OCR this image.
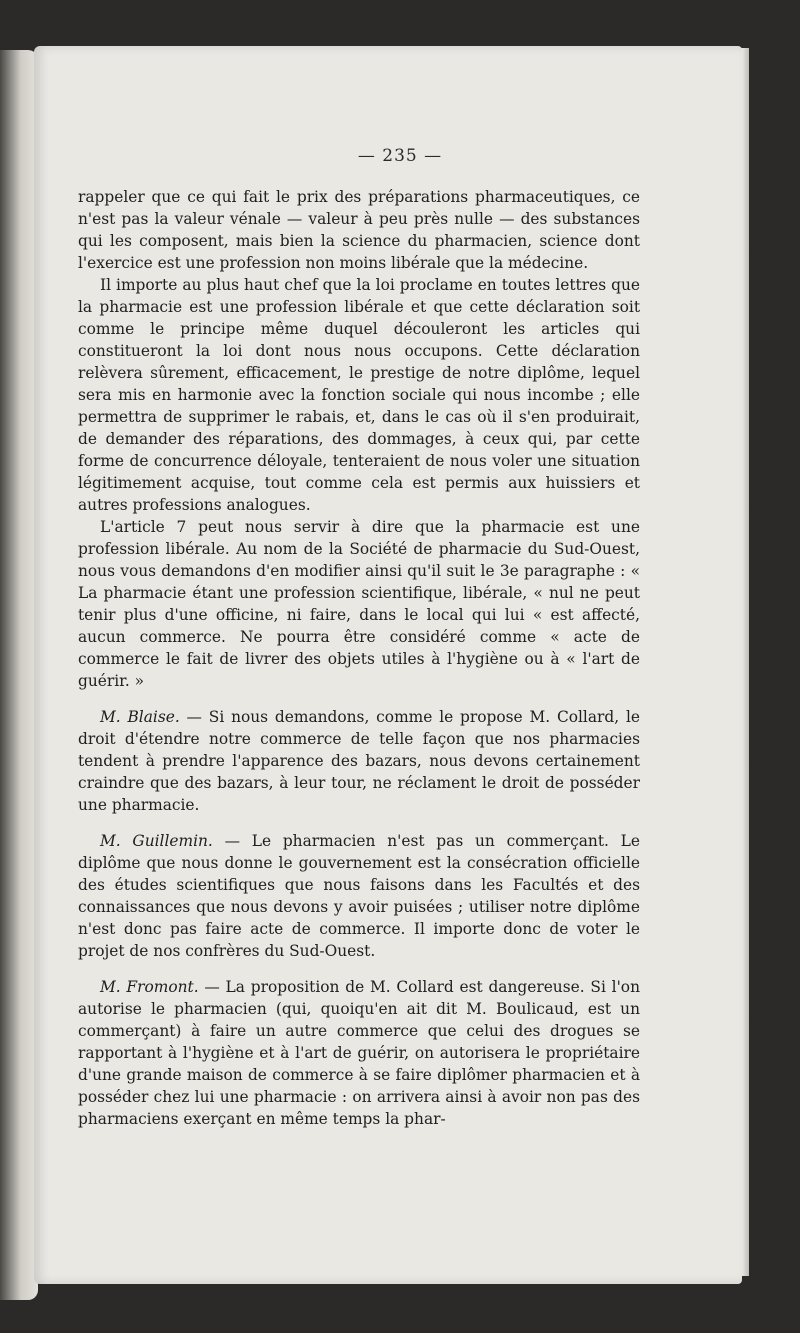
— 235 —

rappeler que ce qui fait le prix des préparations pharmaceutiques, ce n'est pas la valeur vénale — valeur à peu près nulle — des substances qui les composent, mais bien la science du pharmacien, science dont l'exercice est une profession non moins libérale que la médecine.

Il importe au plus haut chef que la loi proclame en toutes lettres que la pharmacie est une profession libérale et que cette déclaration soit comme le principe même duquel découleront les articles qui constitueront la loi dont nous nous occupons. Cette déclaration relèvera sûrement, efficacement, le prestige de notre diplôme, lequel sera mis en harmonie avec la fonction sociale qui nous incombe ; elle permettra de supprimer le rabais, et, dans le cas où il s'en produirait, de demander des réparations, des dommages, à ceux qui, par cette forme de concurrence déloyale, tenteraient de nous voler une situation légitimement acquise, tout comme cela est permis aux huissiers et autres professions analogues.

L'article 7 peut nous servir à dire que la pharmacie est une profession libérale. Au nom de la Société de pharmacie du Sud-Ouest, nous vous demandons d'en modifier ainsi qu'il suit le 3e paragraphe : « La pharmacie étant une profession scientifique, libérale, « nul ne peut tenir plus d'une officine, ni faire, dans le local qui lui « est affecté, aucun commerce. Ne pourra être considéré comme « acte de commerce le fait de livrer des objets utiles à l'hygiène ou à « l'art de guérir. »

M. Blaise. — Si nous demandons, comme le propose M. Collard, le droit d'étendre notre commerce de telle façon que nos pharmacies tendent à prendre l'apparence des bazars, nous devons certainement craindre que des bazars, à leur tour, ne réclament le droit de posséder une pharmacie.

M. Guillemin. — Le pharmacien n'est pas un commerçant. Le diplôme que nous donne le gouvernement est la consécration officielle des études scientifiques que nous faisons dans les Facultés et des connaissances que nous devons y avoir puisées ; utiliser notre diplôme n'est donc pas faire acte de commerce. Il importe donc de voter le projet de nos confrères du Sud-Ouest.

M. Fromont. — La proposition de M. Collard est dangereuse. Si l'on autorise le pharmacien (qui, quoiqu'en ait dit M. Boulicaud, est un commerçant) à faire un autre commerce que celui des drogues se rapportant à l'hygiène et à l'art de guérir, on autorisera le propriétaire d'une grande maison de commerce à se faire diplômer pharmacien et à posséder chez lui une pharmacie : on arrivera ainsi à avoir non pas des pharmaciens exerçant en même temps la phar-
